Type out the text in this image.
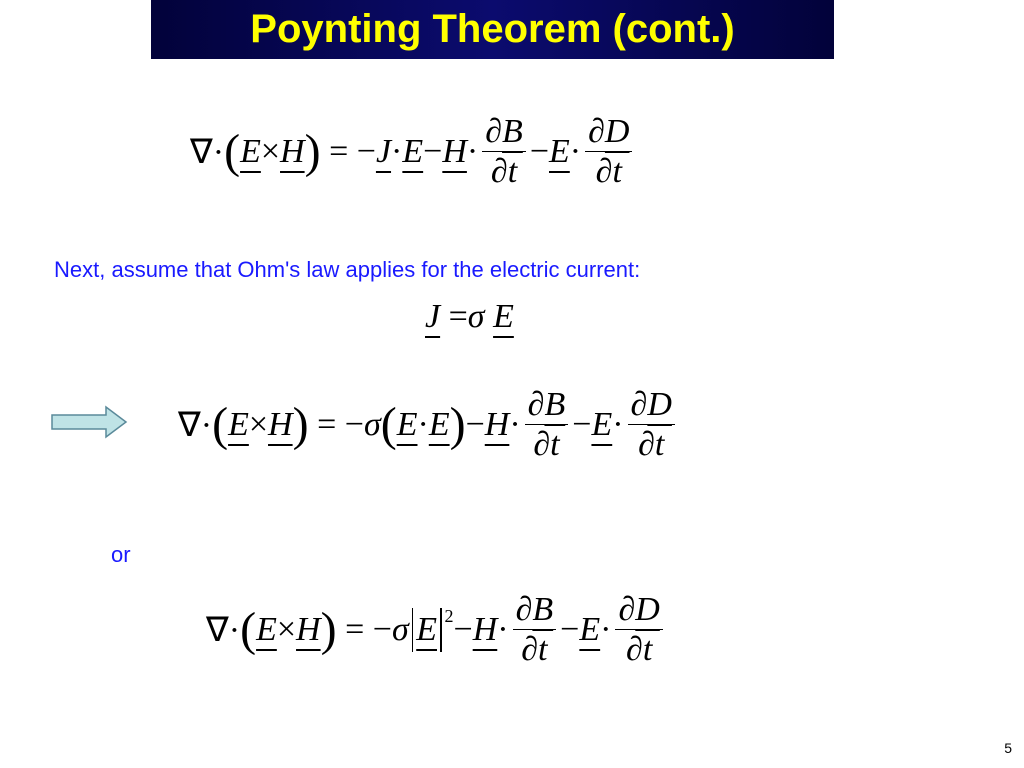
Poynting Theorem (cont.)
∇· ( E × H ) = − $J \cdot E - H \cdot \frac{\partial B}{\partial t} - E \cdot \frac{\partial D}{\partial t}$
Next, assume that Ohm's law applies for the electric current:
J = σ
E
∇· ( E × H ) = − σ ( E · E ) − $H \cdot \frac{\partial B}{\partial t} - E \cdot \frac{\partial D}{\partial t}$
or
∇· ( E × H ) = − σ E $2 - H \cdot \frac{\partial B}{\partial t} - E \cdot \frac{\partial D}{\partial t}$
5
